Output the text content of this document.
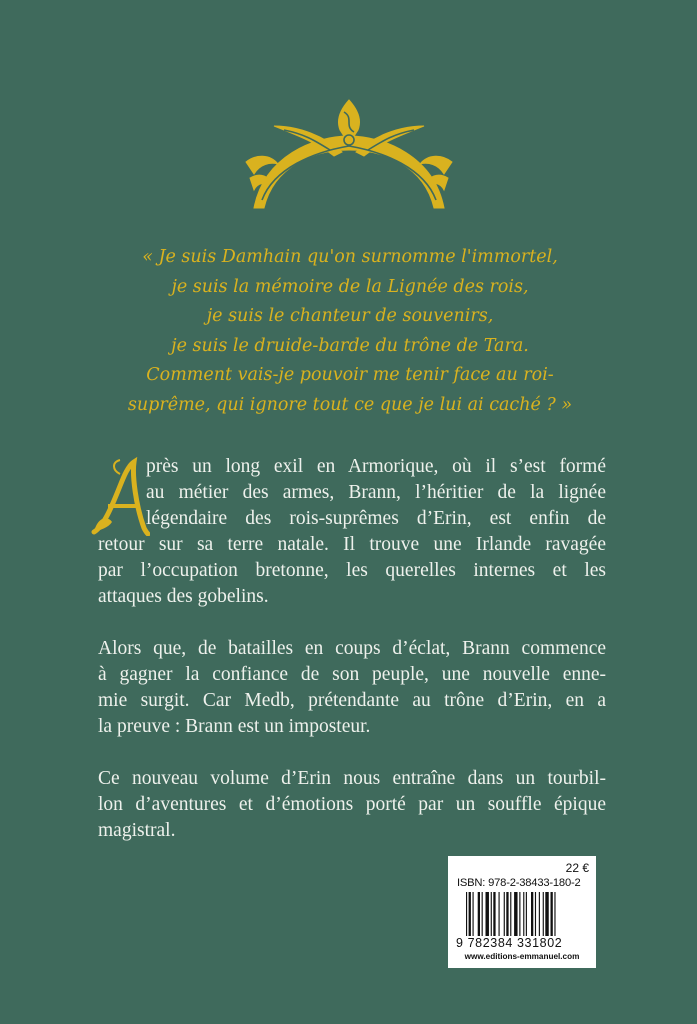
« Je suis Damhain qu'on surnomme l'immortel,
je suis la mémoire de la Lignée des rois,
je suis le chanteur de souvenirs,
je suis le druide-barde du trône de Tara.
Comment vais-je pouvoir me tenir face au roi-
suprême, qui ignore tout ce que je lui ai caché ? »
A	près un long exil en Armorique, où il s’est formé
au métier des armes, Brann, l’héritier de la lignée
légendaire des rois-suprêmes d’Erin, est enfin de
retour sur sa terre natale. Il trouve une Irlande ravagée
par l’occupation bretonne, les querelles internes et les
attaques des gobelins.
Alors que, de batailles en coups d’éclat, Brann commence
à gagner la confiance de son peuple, une nouvelle enne-
mie surgit. Car Medb, prétendante au trône d’Erin, en a
la preuve : Brann est un imposteur.
Ce nouveau volume d’Erin nous entraîne dans un tourbil-
lon d’aventures et d’émotions porté par un souffle épique
magistral.
22 €
ISBN: 978-2-38433-180-2
9 782384 331802
www.editions-emmanuel.com
